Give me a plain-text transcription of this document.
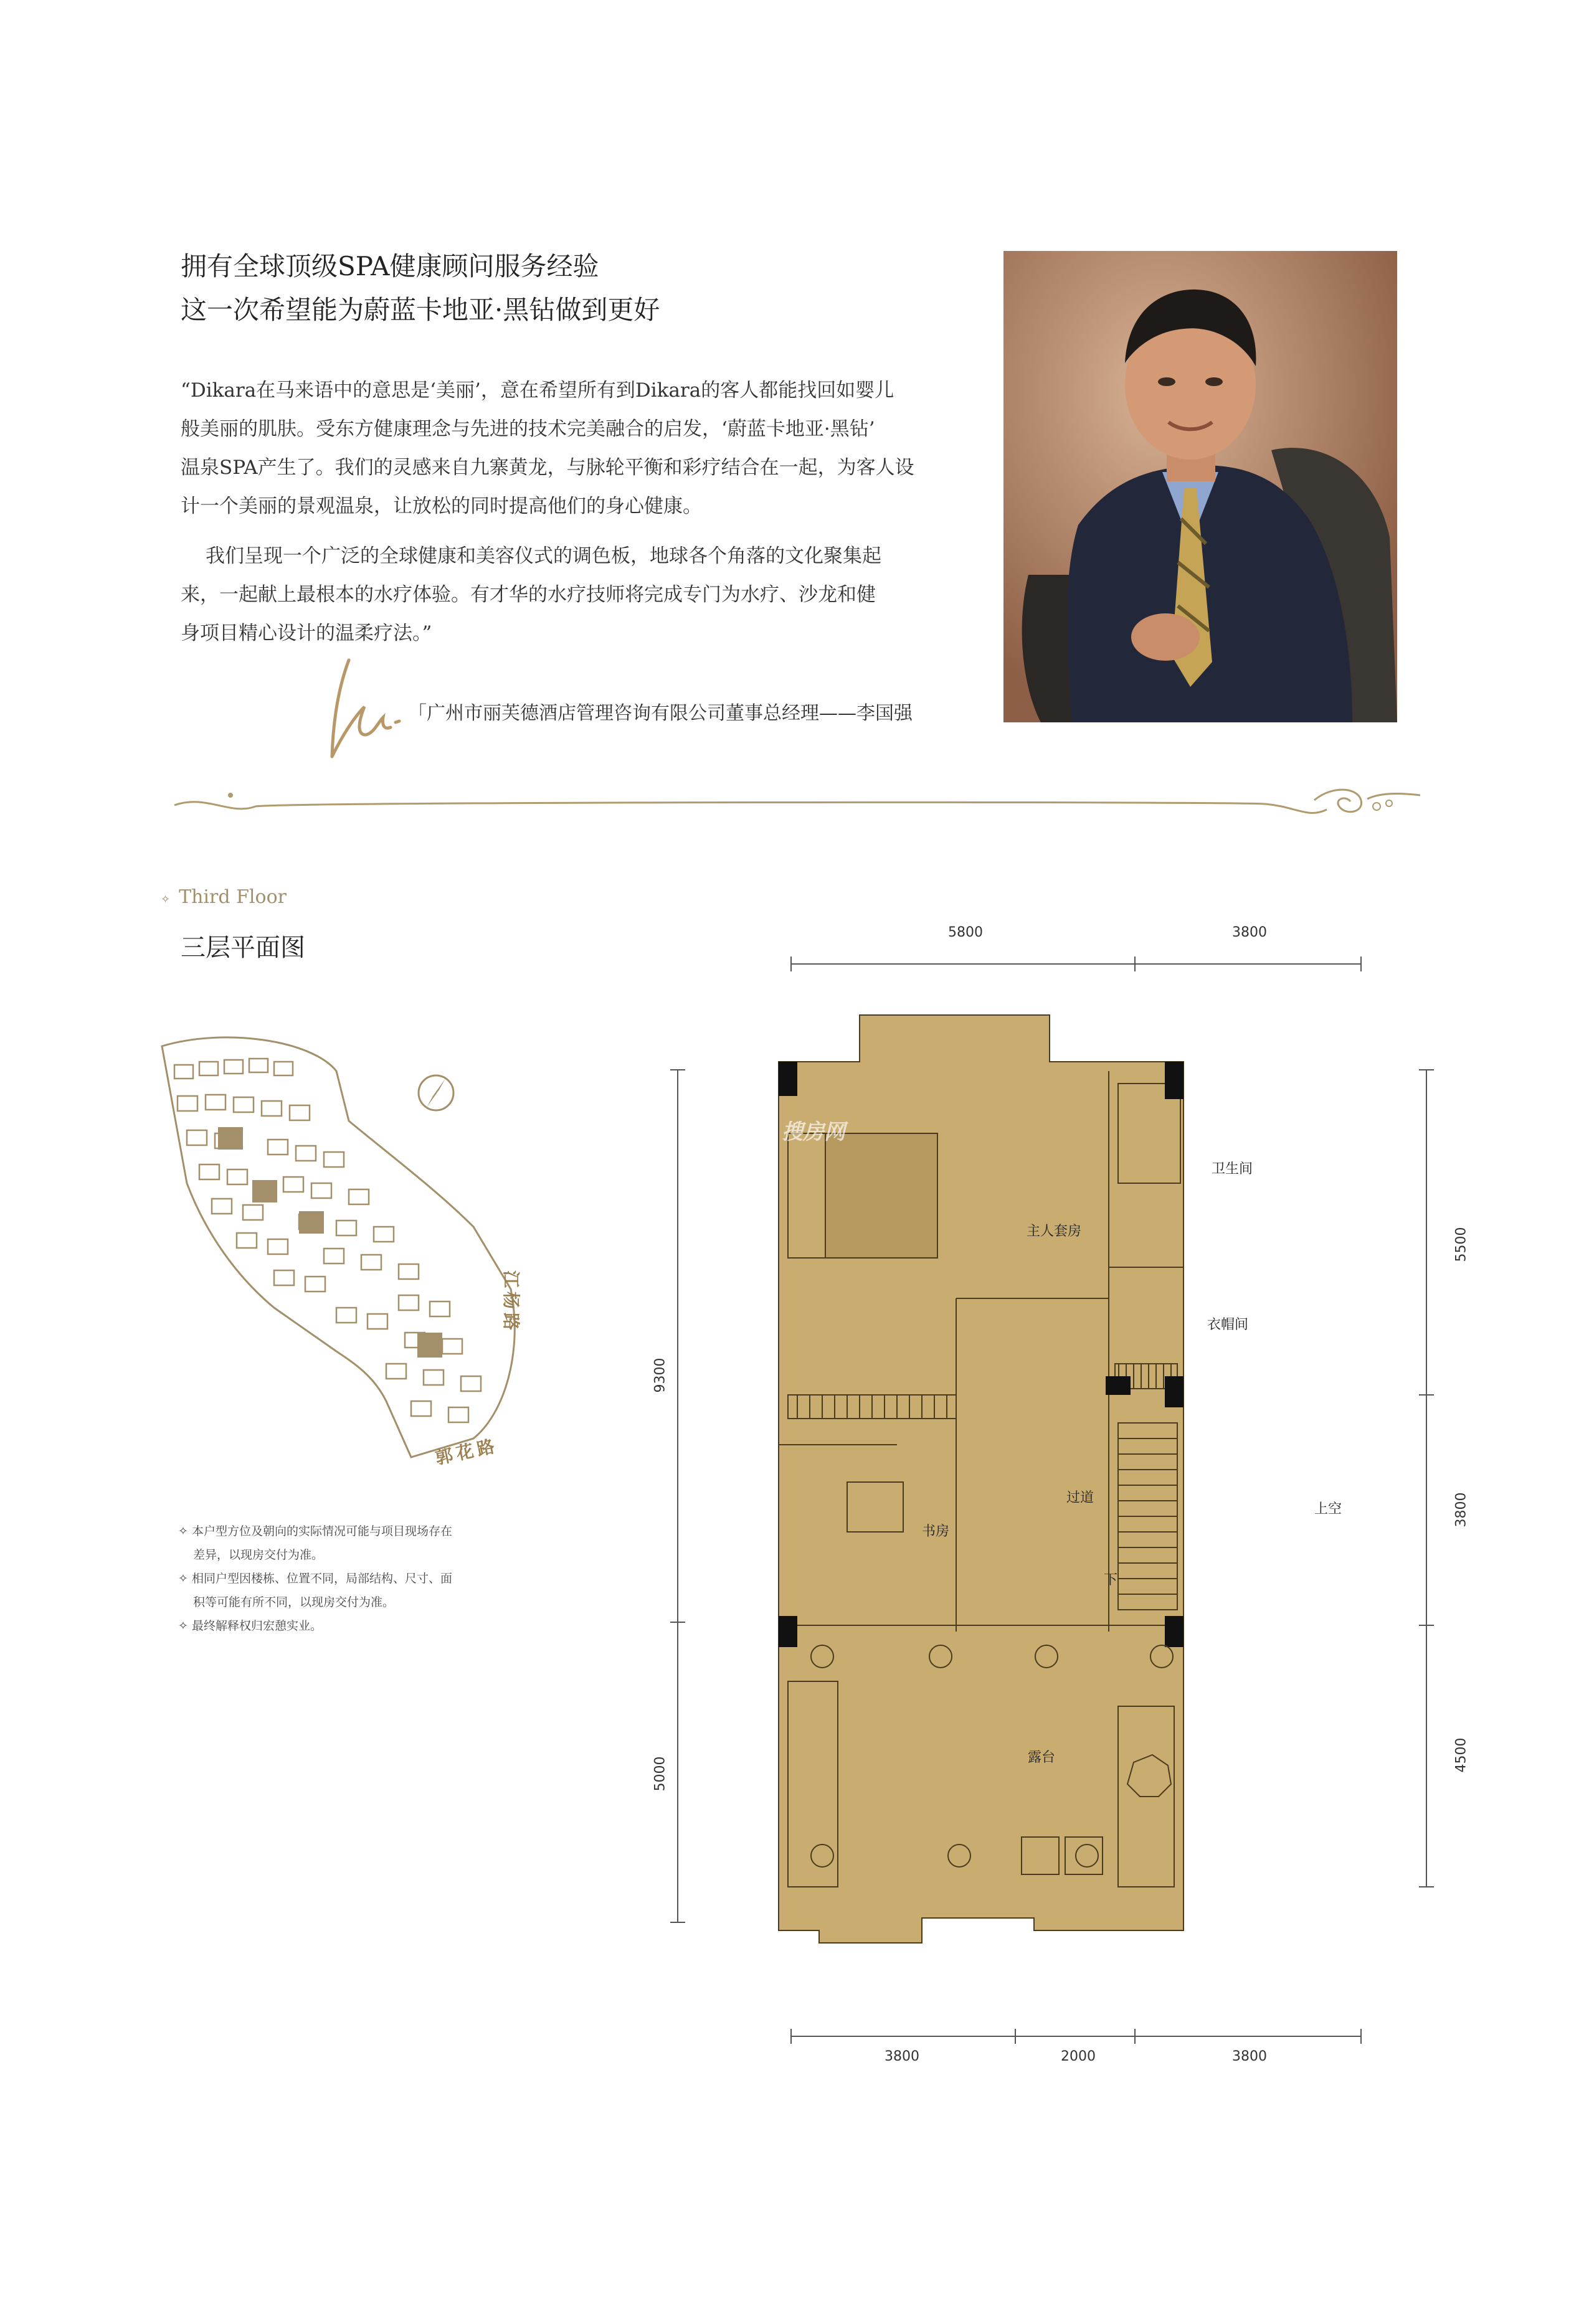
拥有全球顶级SPA健康顾问服务经验
这一次希望能为蔚蓝卡地亚·黑钻做到更好
“Dikara在马来语中的意思是‘美丽’，意在希望所有到Dikara的客人都能找回如婴儿
般美丽的肌肤。受东方健康理念与先进的技术完美融合的启发，‘蔚蓝卡地亚·黑钻’
温泉SPA产生了。我们的灵感来自九寨黄龙，与脉轮平衡和彩疗结合在一起，为客人设
计一个美丽的景观温泉，让放松的同时提高他们的身心健康。
我们呈现一个广泛的全球健康和美容仪式的调色板，地球各个角落的文化聚集起
来，一起献上最根本的水疗体验。有才华的水疗技师将完成专门为水疗、沙龙和健
身项目精心设计的温柔疗法。”
「广州市丽芙德酒店管理咨询有限公司董事总经理——李国强
✧ Third Floor
三层平面图
江杨路
郭花路
✧ 本户型方位及朝向的实际情况可能与项目现场存在
差异，以现房交付为准。
✧ 相同户型因楼栋、位置不同，局部结构、尺寸、面
积等可能有所不同，以现房交付为准。
✧ 最终解释权归宏憩实业。
5800	3800
3800	2000	3800
9300
5000
5500
3800
4500
主人套房
卫生间
衣帽间
过道
书房
上空
下
露台
搜房网
